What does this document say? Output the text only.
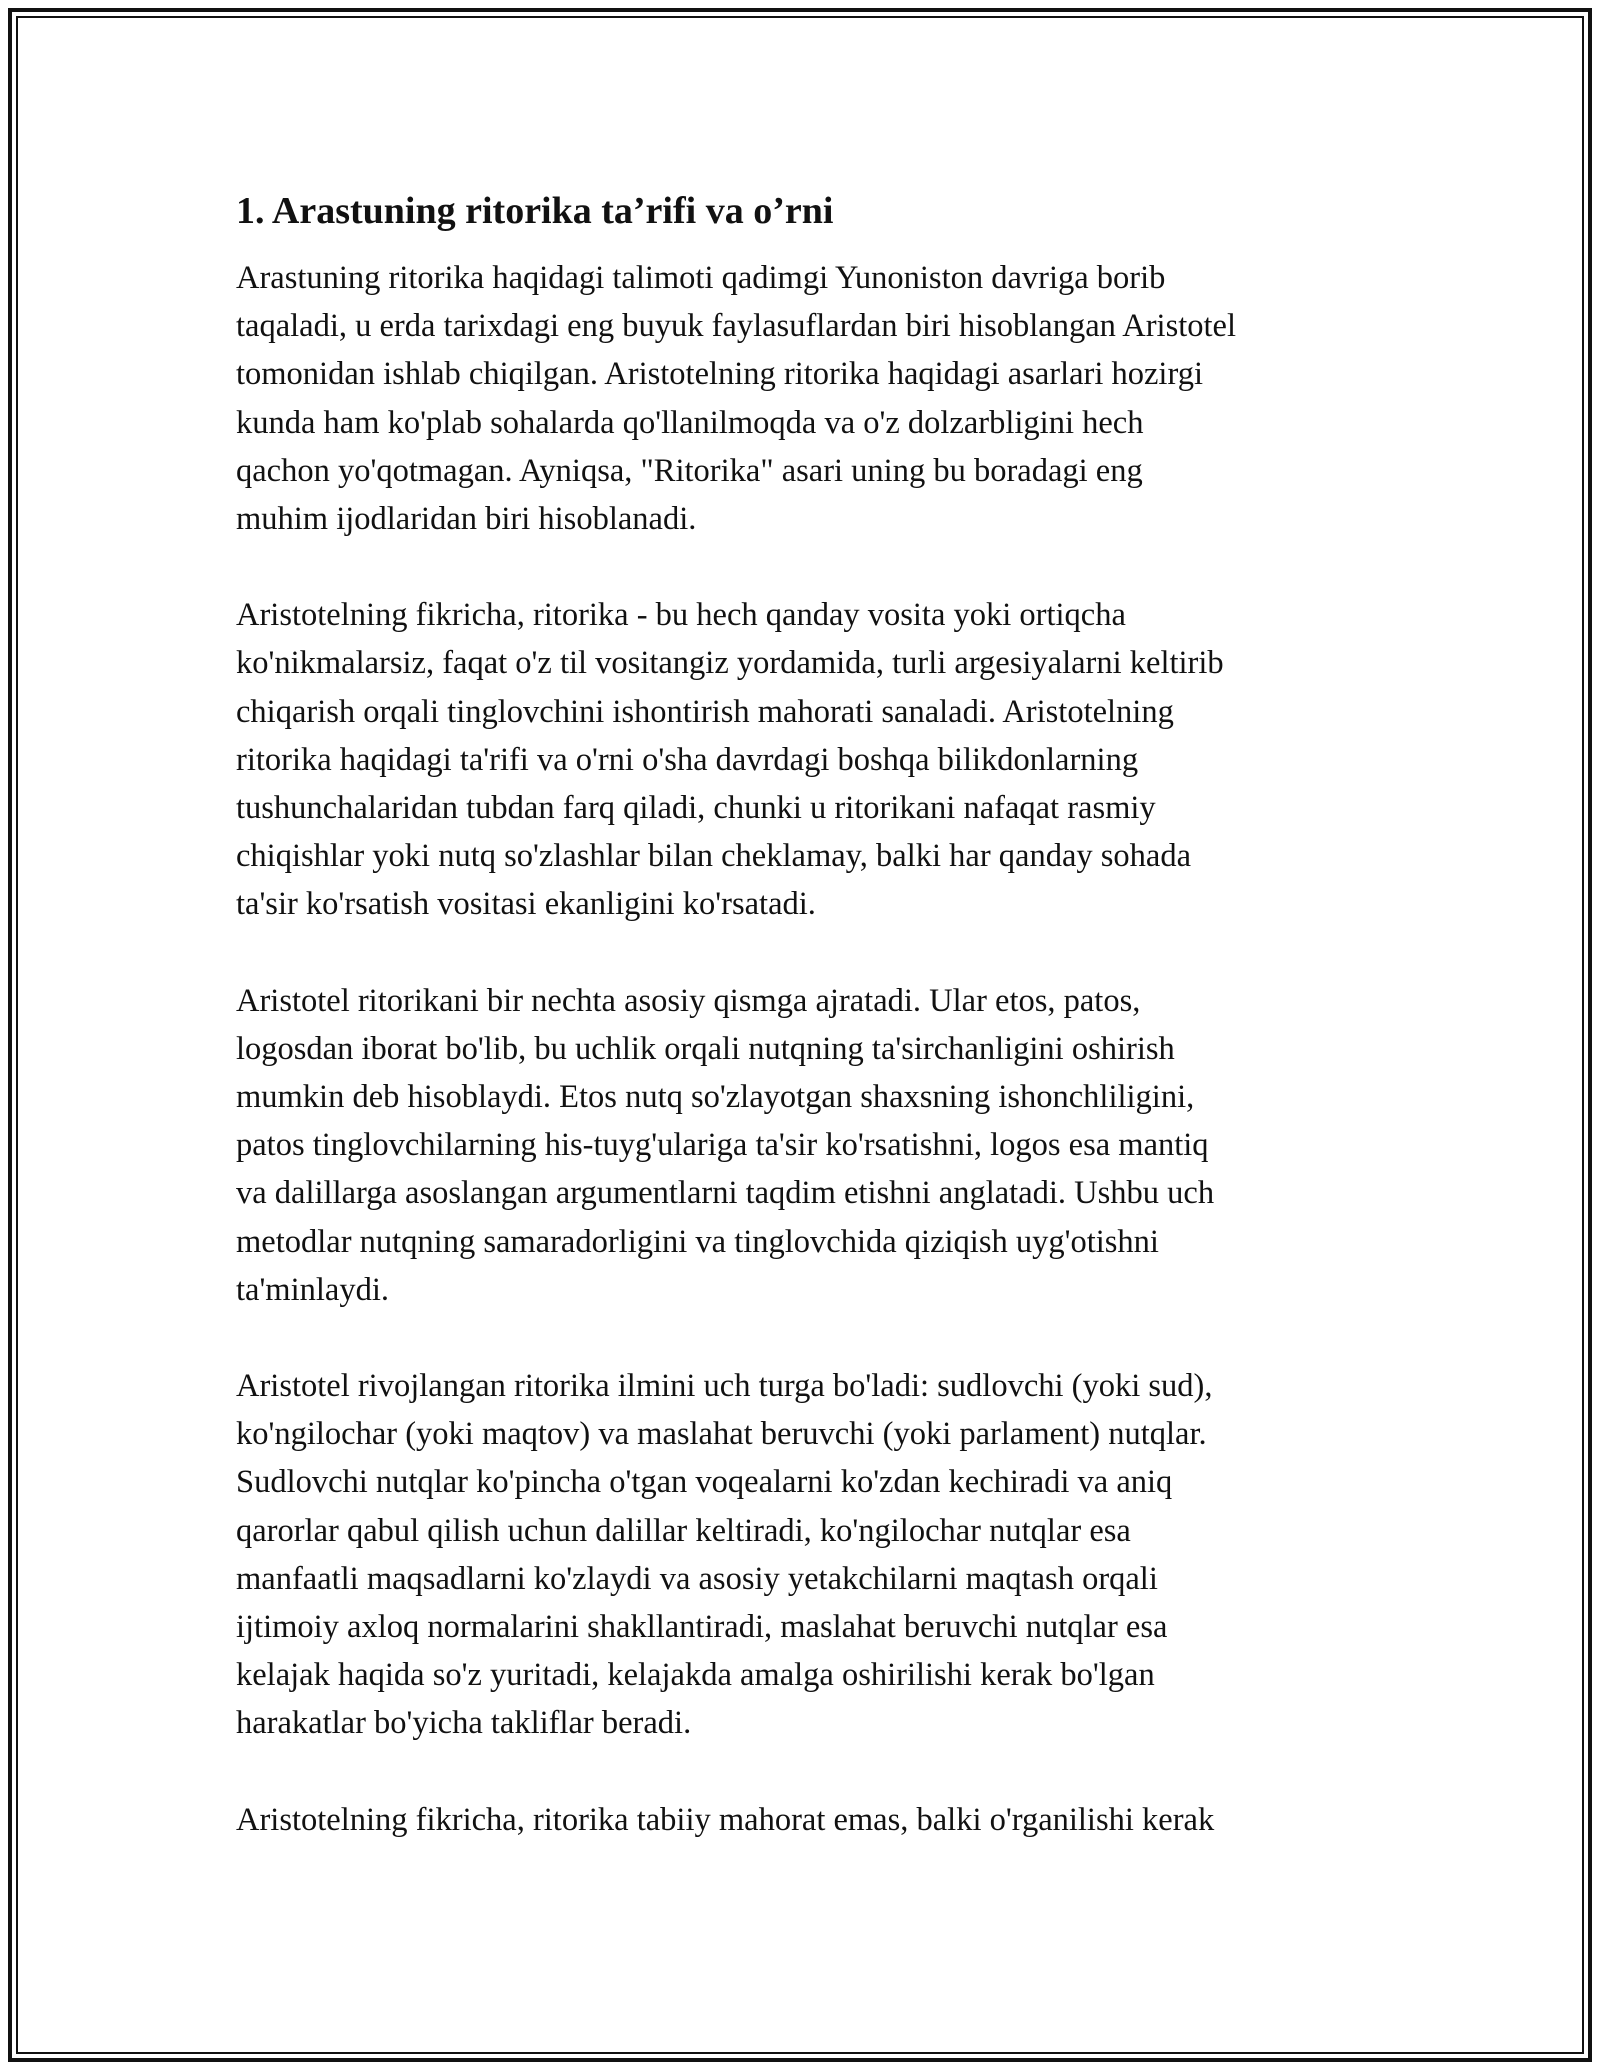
1. Arastuning ritorika ta’rifi va o’rni

Arastuning ritorika haqidagi talimoti qadimgi Yunoniston davriga borib
taqaladi, u erda tarixdagi eng buyuk faylasuflardan biri hisoblangan Aristotel
tomonidan ishlab chiqilgan. Aristotelning ritorika haqidagi asarlari hozirgi
kunda ham ko'plab sohalarda qo'llanilmoqda va o'z dolzarbligini hech
qachon yo'qotmagan. Ayniqsa, "Ritorika" asari uning bu boradagi eng
muhim ijodlaridan biri hisoblanadi.

Aristotelning fikricha, ritorika - bu hech qanday vosita yoki ortiqcha
ko'nikmalarsiz, faqat o'z til vositangiz yordamida, turli argesiyalarni keltirib
chiqarish orqali tinglovchini ishontirish mahorati sanaladi. Aristotelning
ritorika haqidagi ta'rifi va o'rni o'sha davrdagi boshqa bilikdonlarning
tushunchalaridan tubdan farq qiladi, chunki u ritorikani nafaqat rasmiy
chiqishlar yoki nutq so'zlashlar bilan cheklamay, balki har qanday sohada
ta'sir ko'rsatish vositasi ekanligini ko'rsatadi.

Aristotel ritorikani bir nechta asosiy qismga ajratadi. Ular etos, patos,
logosdan iborat bo'lib, bu uchlik orqali nutqning ta'sirchanligini oshirish
mumkin deb hisoblaydi. Etos nutq so'zlayotgan shaxsning ishonchliligini,
patos tinglovchilarning his-tuyg'ulariga ta'sir ko'rsatishni, logos esa mantiq
va dalillarga asoslangan argumentlarni taqdim etishni anglatadi. Ushbu uch
metodlar nutqning samaradorligini va tinglovchida qiziqish uyg'otishni
ta'minlaydi.

Aristotel rivojlangan ritorika ilmini uch turga bo'ladi: sudlovchi (yoki sud),
ko'ngilochar (yoki maqtov) va maslahat beruvchi (yoki parlament) nutqlar.
Sudlovchi nutqlar ko'pincha o'tgan voqealarni ko'zdan kechiradi va aniq
qarorlar qabul qilish uchun dalillar keltiradi, ko'ngilochar nutqlar esa
manfaatli maqsadlarni ko'zlaydi va asosiy yetakchilarni maqtash orqali
ijtimoiy axloq normalarini shakllantiradi, maslahat beruvchi nutqlar esa
kelajak haqida so'z yuritadi, kelajakda amalga oshirilishi kerak bo'lgan
harakatlar bo'yicha takliflar beradi.

Aristotelning fikricha, ritorika tabiiy mahorat emas, balki o'rganilishi kerak
